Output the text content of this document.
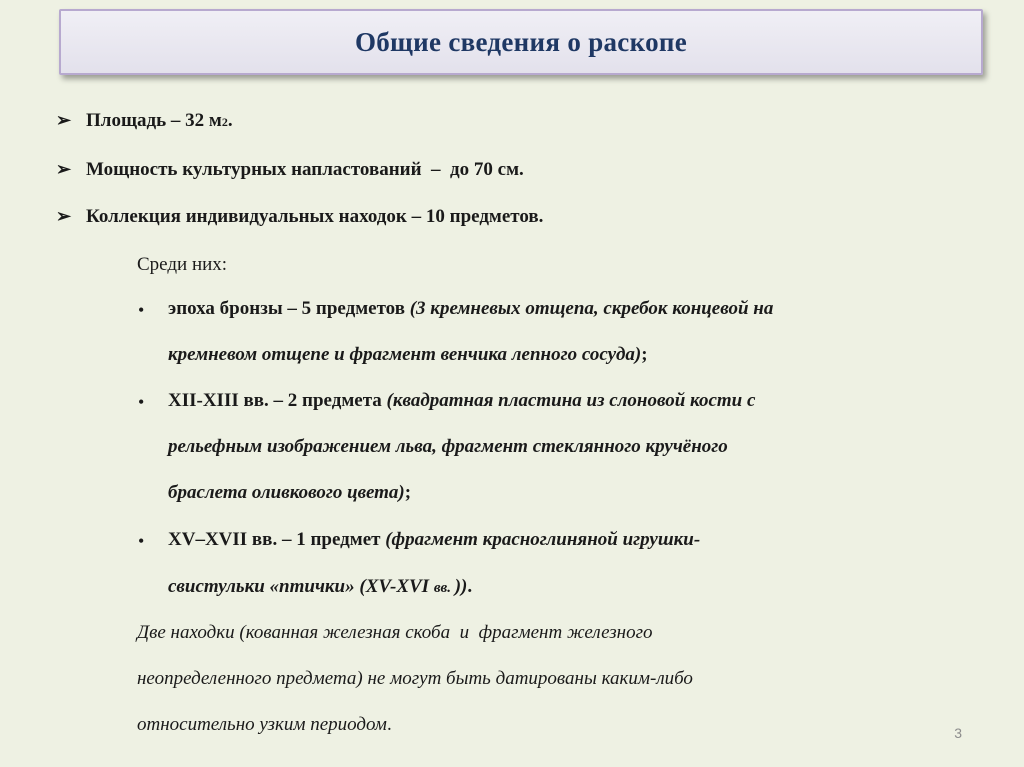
Общие сведения о раскопе
➢ Площадь – 32 м 2 .
➢ Мощность культурных напластований  –  до 70 см.
➢ Коллекция индивидуальных находок – 10 предметов.
Среди них:
• эпоха бронзы – 5 предметов (3 кремневых отщепа, скребок концевой на
кремневом отщепе и фрагмент венчика лепного сосуда);
• XII-XIII вв. – 2 предмета (квадратная пластина из слоновой кости с
рельефным изображением льва, фрагмент стеклянного кручёного
браслета оливкового цвета);
• XV–XVII вв. – 1 предмет (фрагмент красноглиняной игрушки-
свистульки «птички» (XV-XVI вв. )).
Две находки (кованная железная скоба  и  фрагмент железного
неопределенного предмета) не могут быть датированы каким-либо
относительно узким периодом.	3
